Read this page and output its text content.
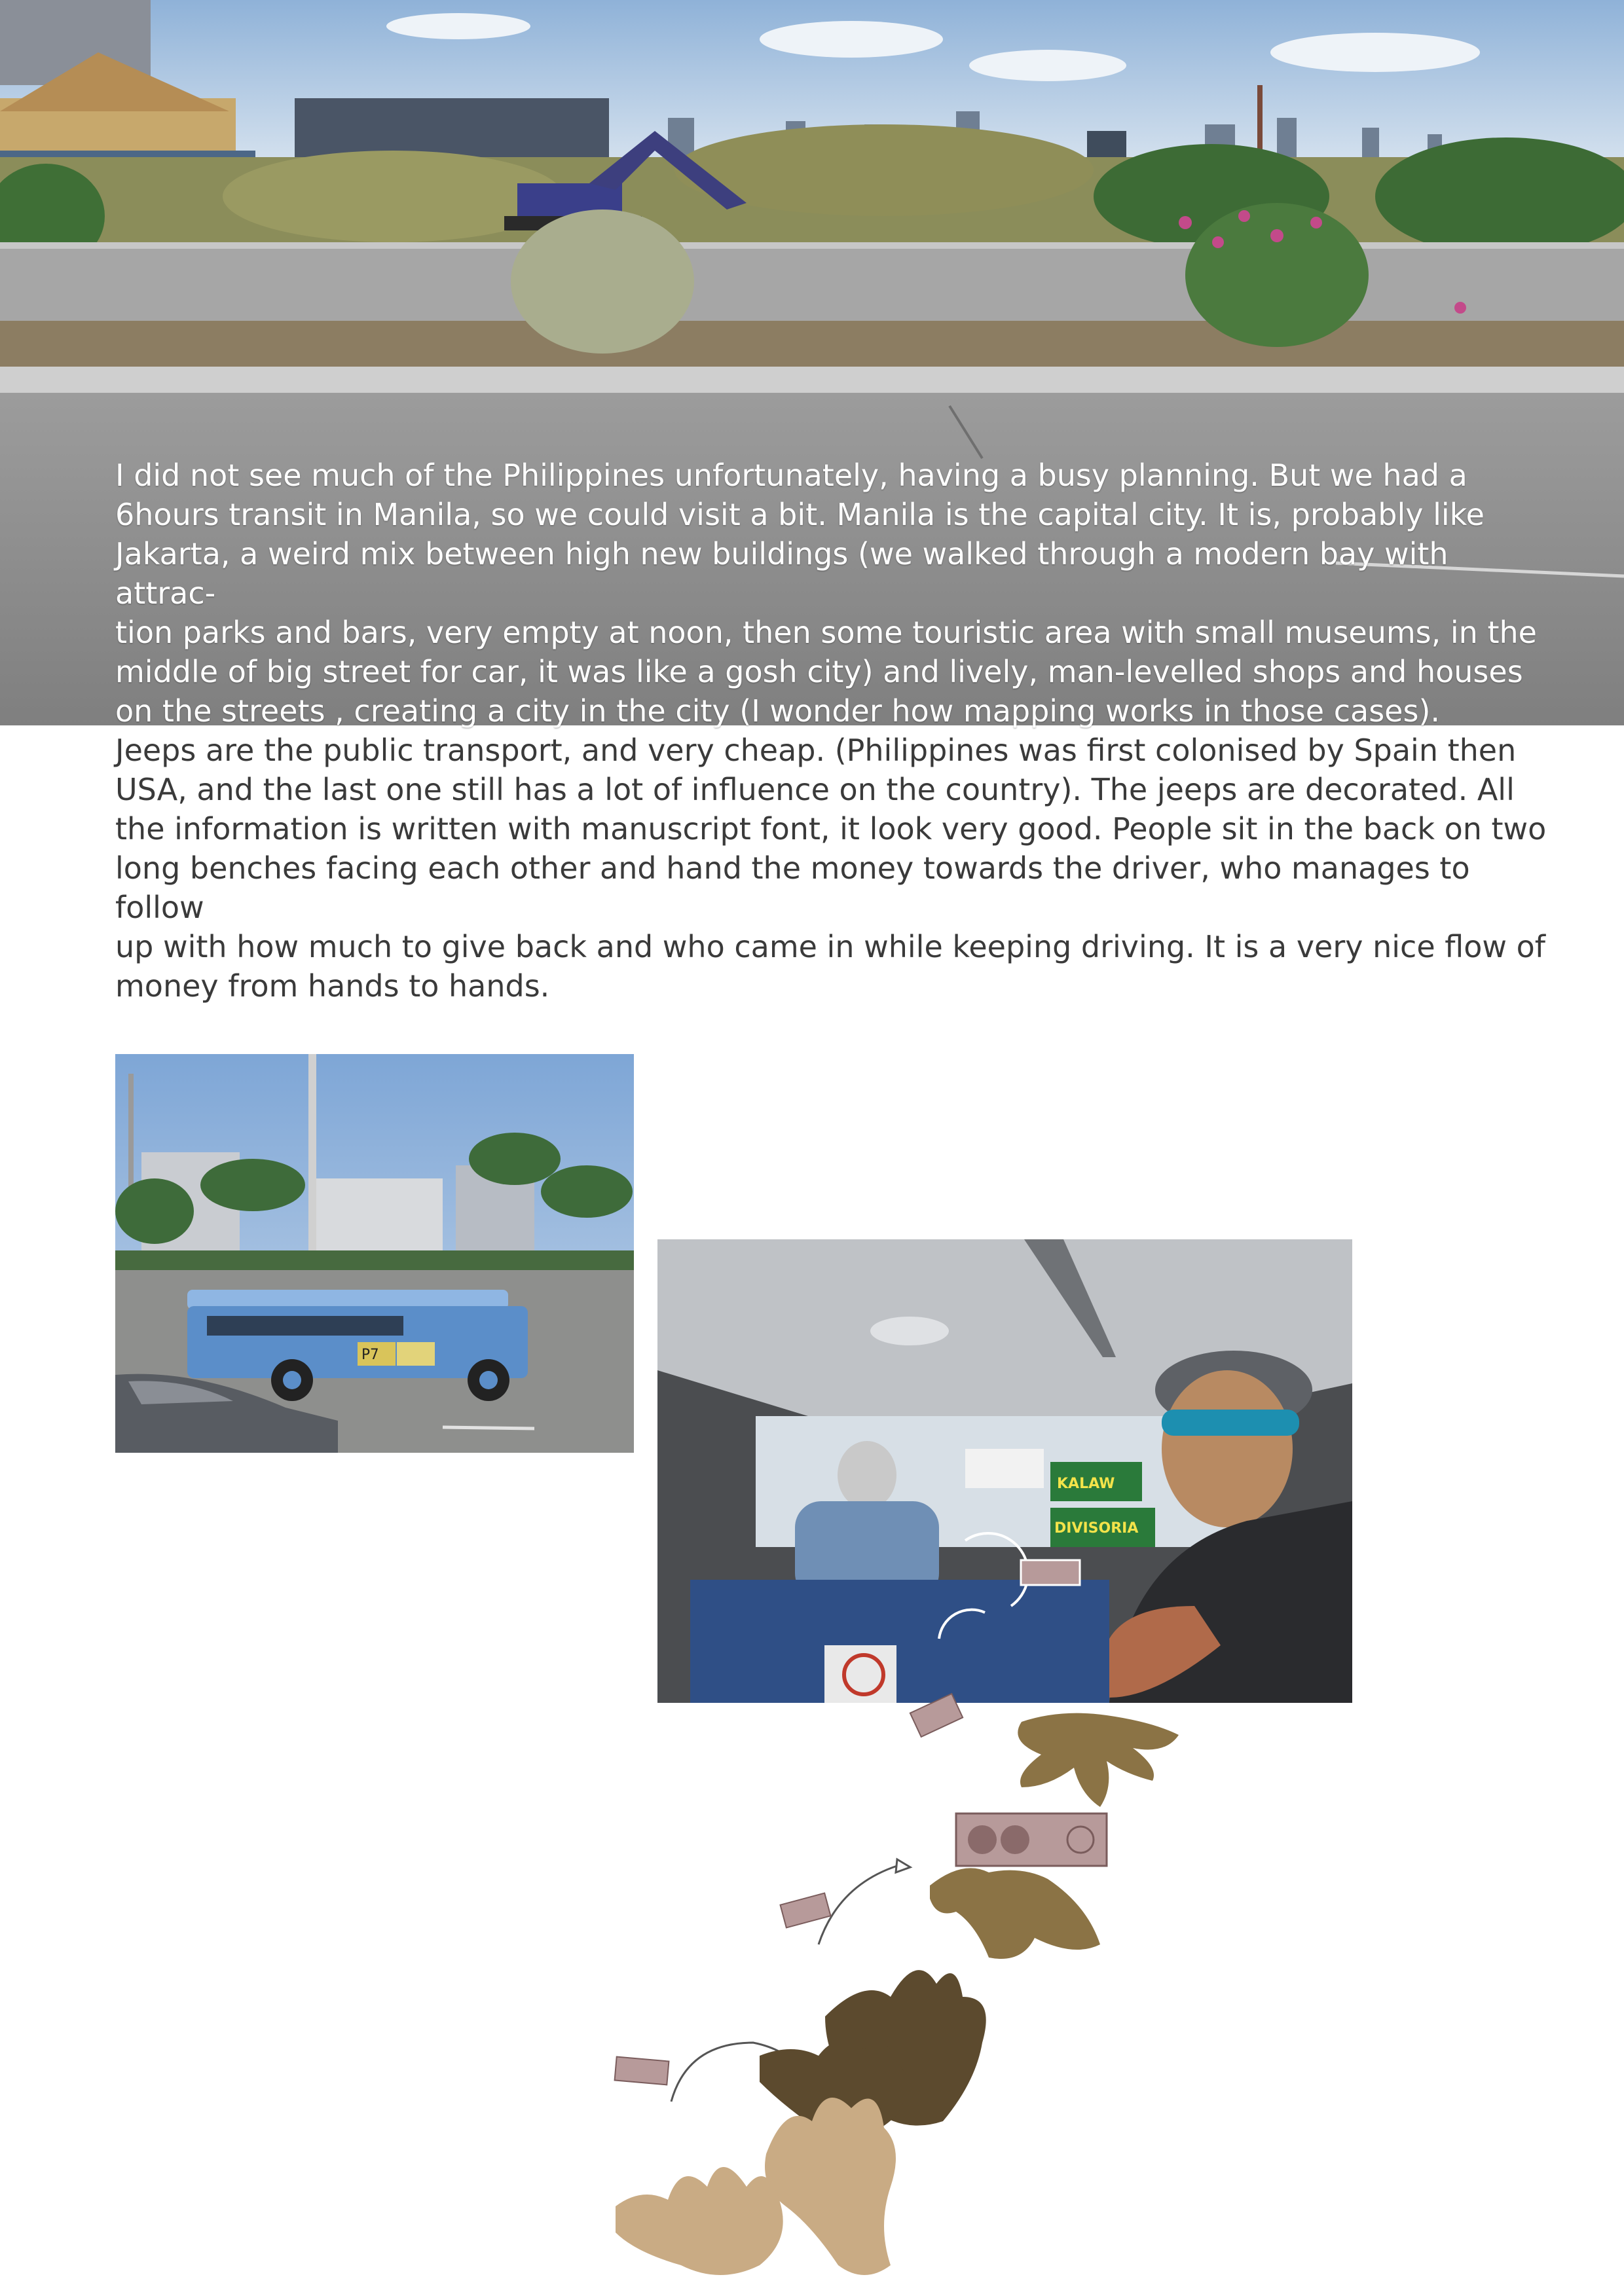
I did not see much of the Philippines unfortunately, having a busy planning. But we had a
6hours transit in Manila, so we could visit a bit. Manila is the capital city. It is, probably like
Jakarta, a weird mix between high new buildings (we walked through a modern bay with attrac-
tion parks and bars, very empty at noon, then some touristic area with small museums, in the
middle of big street for car, it was like a gosh city) and lively, man-levelled shops and houses
on the streets , creating a city in the city (I wonder how mapping works in those cases).

Jeeps are the public transport, and very cheap. (Philippines was first colonised by Spain then
USA, and the last one still has a lot of influence on the country). The jeeps are decorated. All
the information is written with manuscript font, it look very good. People sit in the back on two
long benches facing each other and hand the money towards the driver, who manages to follow
up with how much to give back and who came in while keeping driving. It is a very nice flow of
money from hands to hands.

P7
KALAW
DIVISORIA
